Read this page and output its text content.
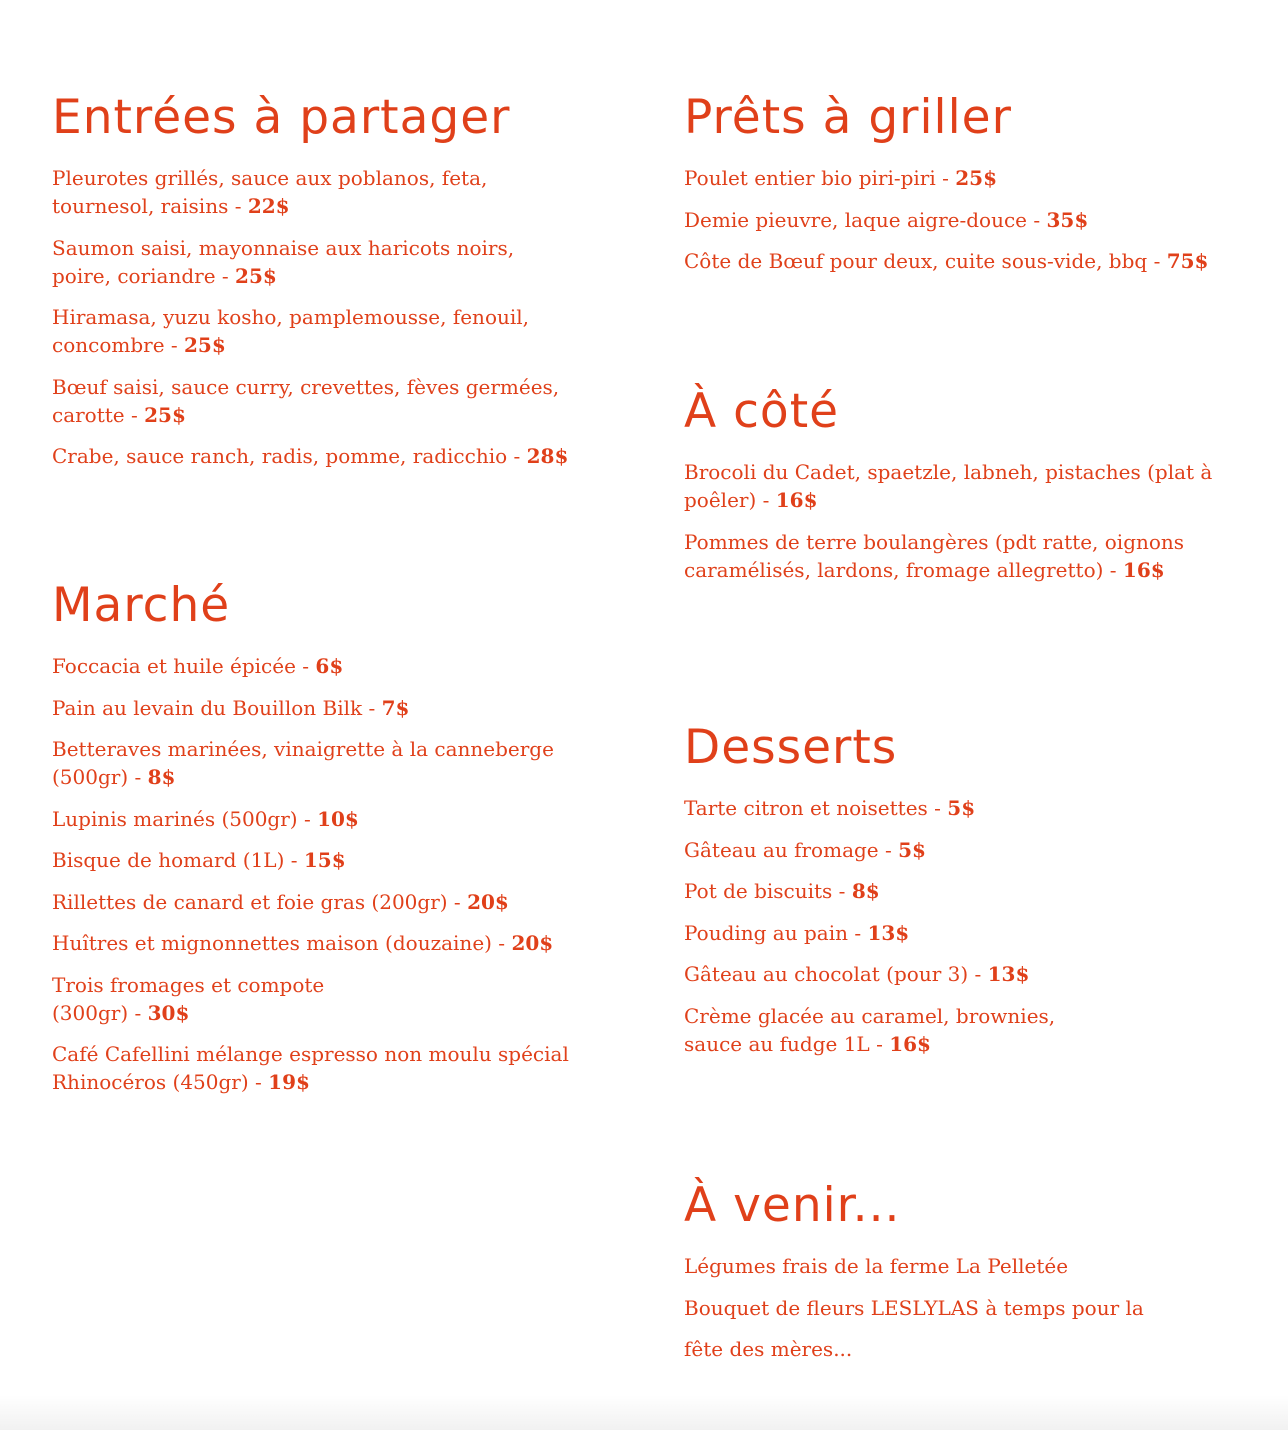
Entrées à partager
Pleurotes grillés, sauce aux poblanos, feta, tournesol, raisins - 22$
Saumon saisi, mayonnaise aux haricots noirs, poire, coriandre - 25$
Hiramasa, yuzu kosho, pamplemousse, fenouil, concombre - 25$
Bœuf saisi, sauce curry, crevettes, fèves germées, carotte - 25$
Crabe, sauce ranch, radis, pomme, radicchio - 28$
Marché
Foccacia et huile épicée - 6$
Pain au levain du Bouillon Bilk - 7$
Betteraves marinées, vinaigrette à la canneberge (500gr) - 8$
Lupinis marinés (500gr) - 10$
Bisque de homard (1L) - 15$
Rillettes de canard et foie gras (200gr) - 20$
Huîtres et mignonnettes maison (douzaine) - 20$
Trois fromages et compote (300gr) - 30$
Café Cafellini mélange espresso non moulu spécial Rhinocéros (450gr) - 19$
Prêts à griller
Poulet entier bio piri-piri - 25$
Demie pieuvre, laque aigre-douce - 35$
Côte de Bœuf pour deux, cuite sous-vide, bbq - 75$
À côté
Brocoli du Cadet, spaetzle, labneh, pistaches (plat à poêler) - 16$
Pommes de terre boulangères (pdt ratte, oignons caramélisés, lardons, fromage allegretto) - 16$
Desserts
Tarte citron et noisettes - 5$
Gâteau au fromage - 5$
Pot de biscuits - 8$
Pouding au pain - 13$
Gâteau au chocolat (pour 3) - 13$
Crème glacée au caramel, brownies, sauce au fudge 1L - 16$
À venir...
Légumes frais de la ferme La Pelletée
Bouquet de fleurs LESLYLAS à temps pour la
fête des mères...
